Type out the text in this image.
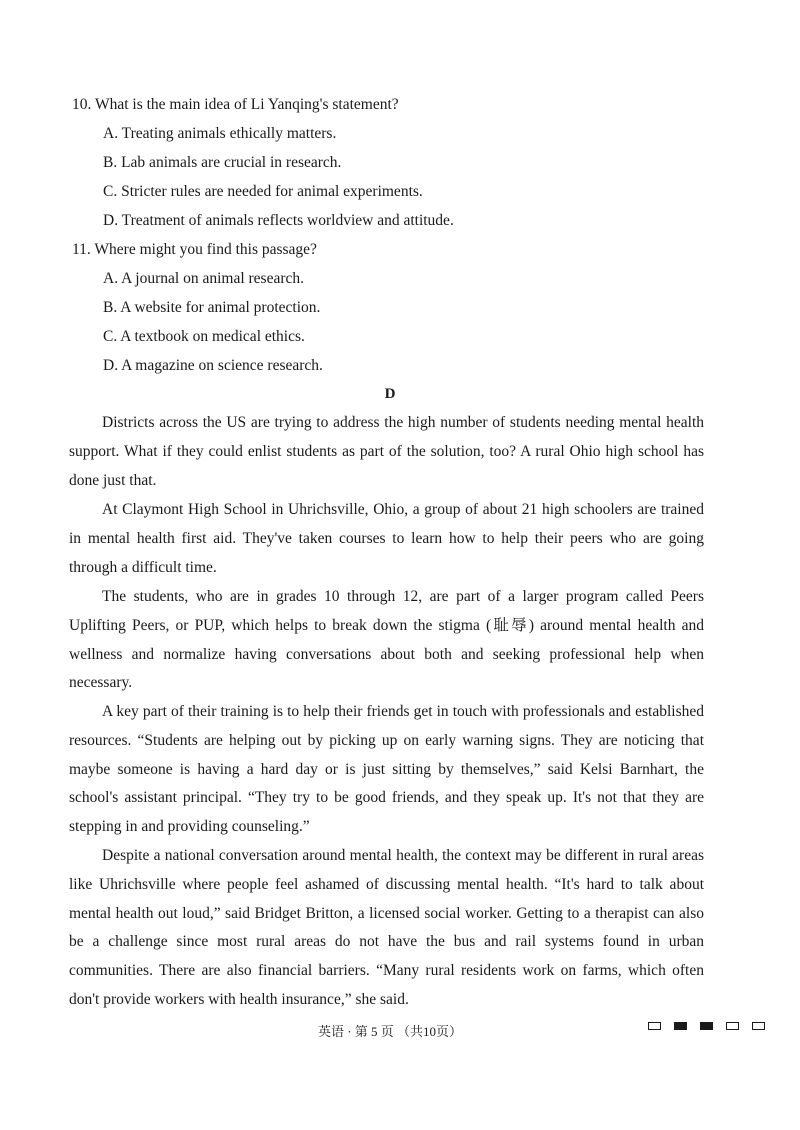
10. What is the main idea of Li Yanqing's statement?
A. Treating animals ethically matters.
B. Lab animals are crucial in research.
C. Stricter rules are needed for animal experiments.
D. Treatment of animals reflects worldview and attitude.
11. Where might you find this passage?
A. A journal on animal research.
B. A website for animal protection.
C. A textbook on medical ethics.
D. A magazine on science research.
D
Districts across the US are trying to address the high number of students needing mental health support. What if they could enlist students as part of the solution, too? A rural Ohio high school has done just that.
At Claymont High School in Uhrichsville, Ohio, a group of about 21 high schoolers are trained in mental health first aid. They've taken courses to learn how to help their peers who are going through a difficult time.
The students, who are in grades 10 through 12, are part of a larger program called Peers Uplifting Peers, or PUP, which helps to break down the stigma (耻辱) around mental health and wellness and normalize having conversations about both and seeking professional help when necessary.
A key part of their training is to help their friends get in touch with professionals and established resources. “Students are helping out by picking up on early warning signs. They are noticing that maybe someone is having a hard day or is just sitting by themselves,” said Kelsi Barnhart, the school's assistant principal. “They try to be good friends, and they speak up. It's not that they are stepping in and providing counseling.”
Despite a national conversation around mental health, the context may be different in rural areas like Uhrichsville where people feel ashamed of discussing mental health. “It's hard to talk about mental health out loud,” said Bridget Britton, a licensed social worker. Getting to a therapist can also be a challenge since most rural areas do not have the bus and rail systems found in urban communities. There are also financial barriers. “Many rural residents work on farms, which often don't provide workers with health insurance,” she said.
英语 · 第 5 页 （共10页）
